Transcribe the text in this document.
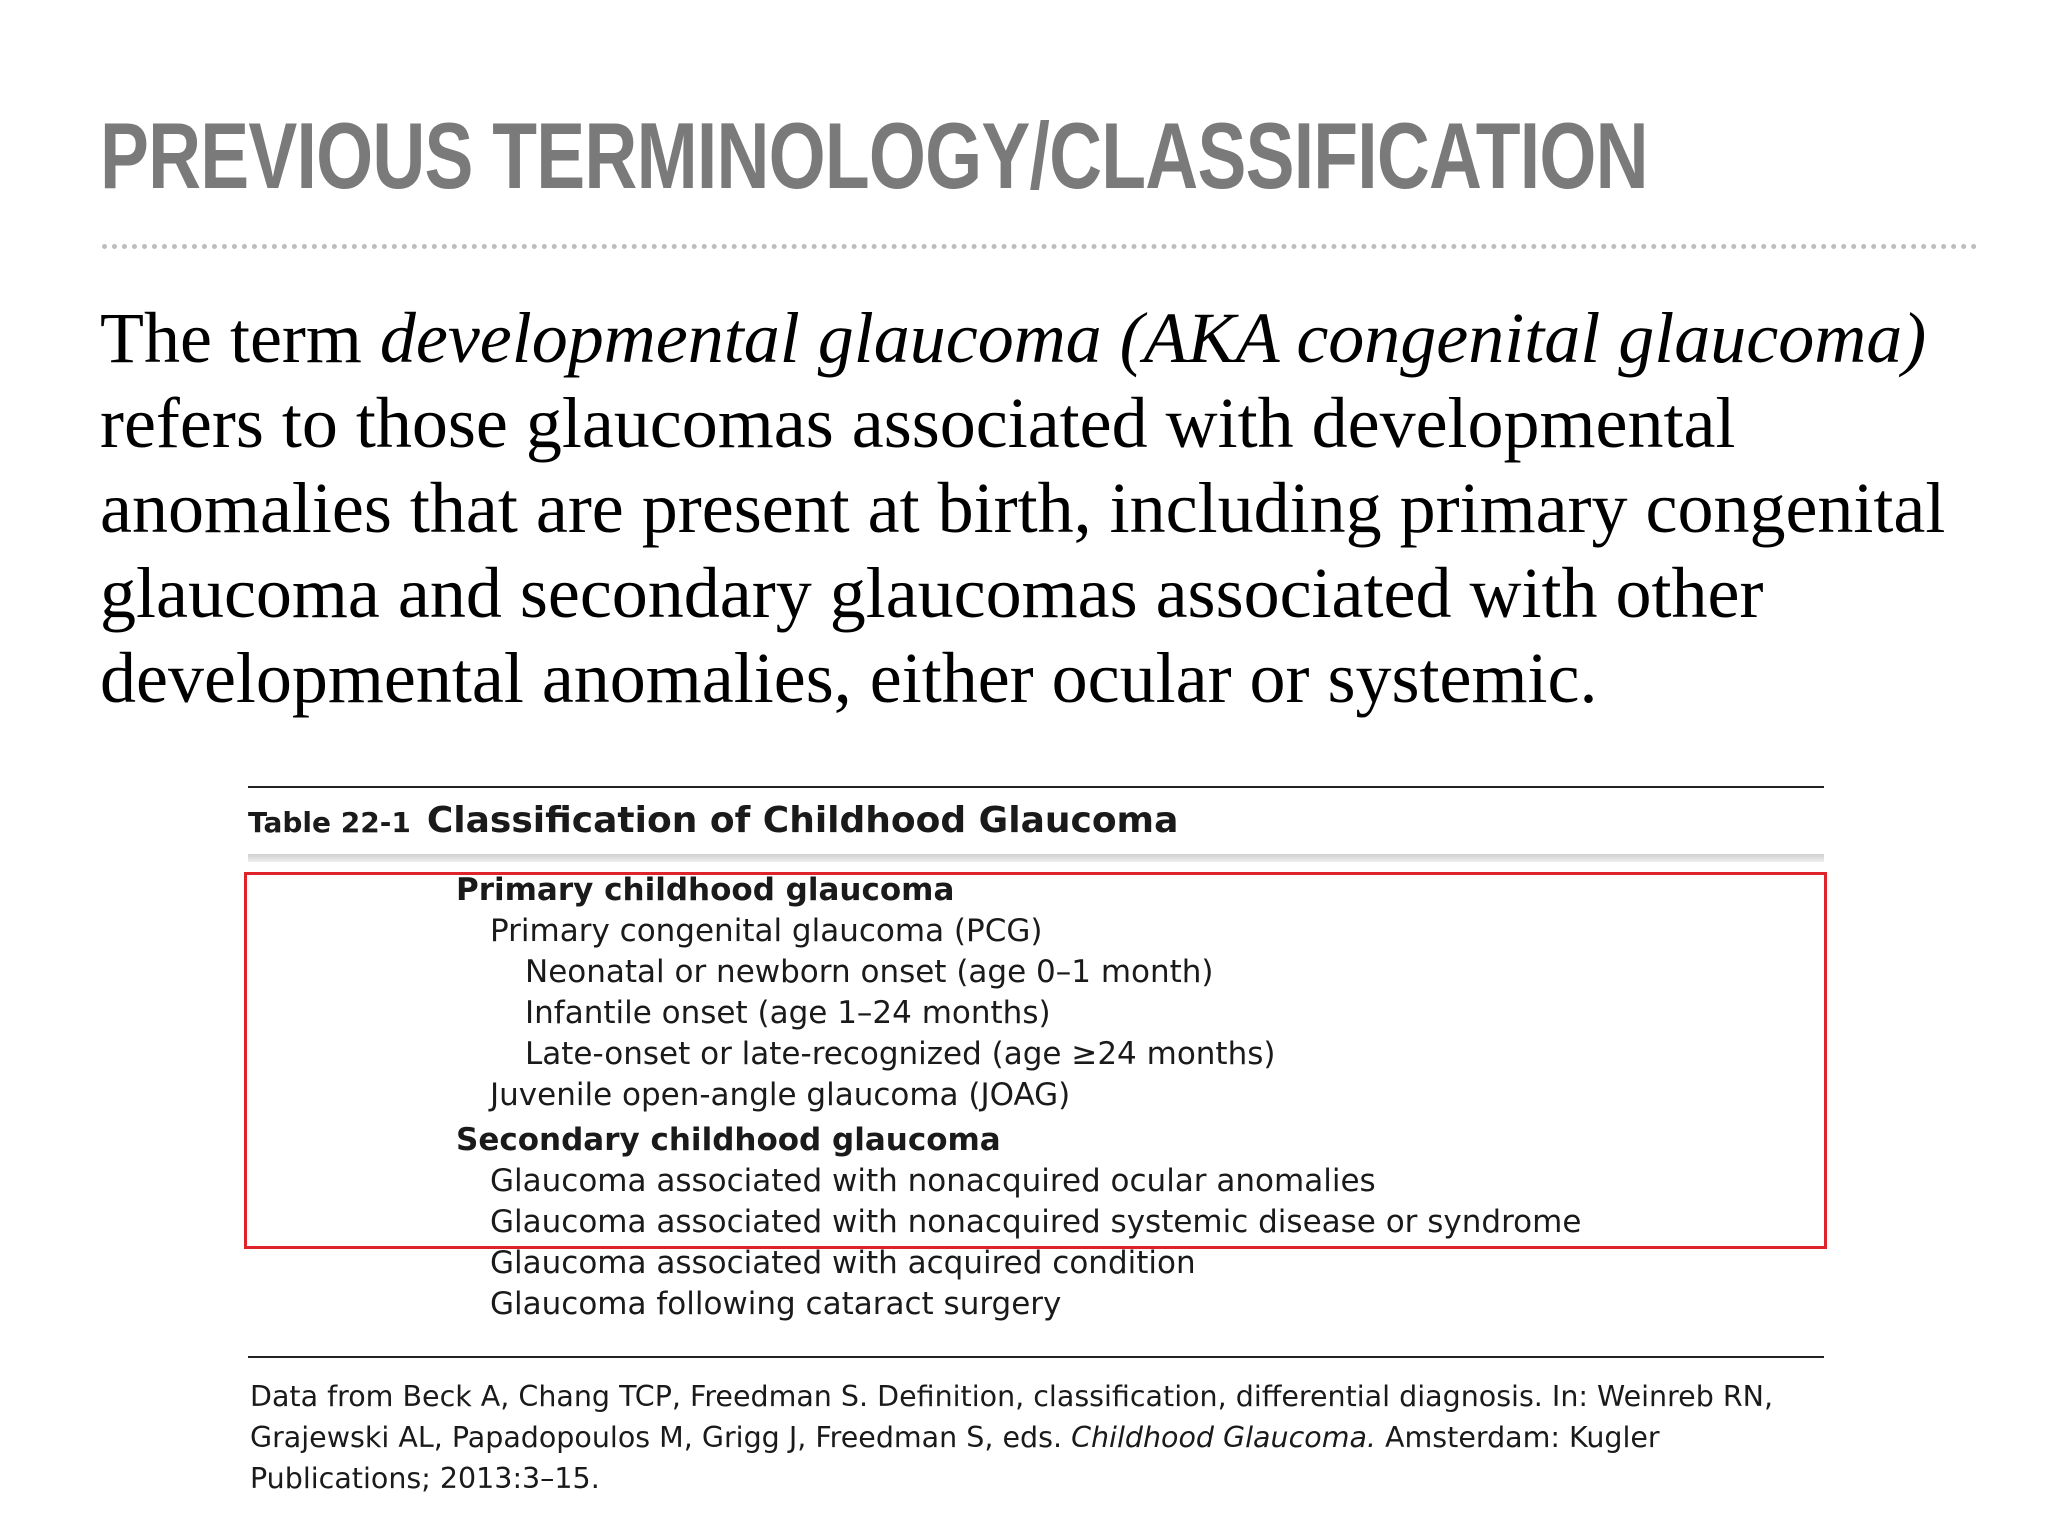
PREVIOUS TERMINOLOGY/CLASSIFICATION

The term developmental glaucoma (AKA congenital glaucoma) refers to those glaucomas associated with developmental anomalies that are present at birth, including primary congenital glaucoma and secondary glaucomas associated with other developmental anomalies, either ocular or systemic.

Table 22-1 Classification of Childhood Glaucoma
Primary childhood glaucoma
Primary congenital glaucoma (PCG)
Neonatal or newborn onset (age 0–1 month)
Infantile onset (age 1–24 months)
Late-onset or late-recognized (age ≥24 months)
Juvenile open-angle glaucoma (JOAG)
Secondary childhood glaucoma
Glaucoma associated with nonacquired ocular anomalies
Glaucoma associated with nonacquired systemic disease or syndrome
Glaucoma associated with acquired condition
Glaucoma following cataract surgery

Data from Beck A, Chang TCP, Freedman S. Definition, classification, differential diagnosis. In: Weinreb RN, Grajewski AL, Papadopoulos M, Grigg J, Freedman S, eds. Childhood Glaucoma. Amsterdam: Kugler Publications; 2013:3–15.
